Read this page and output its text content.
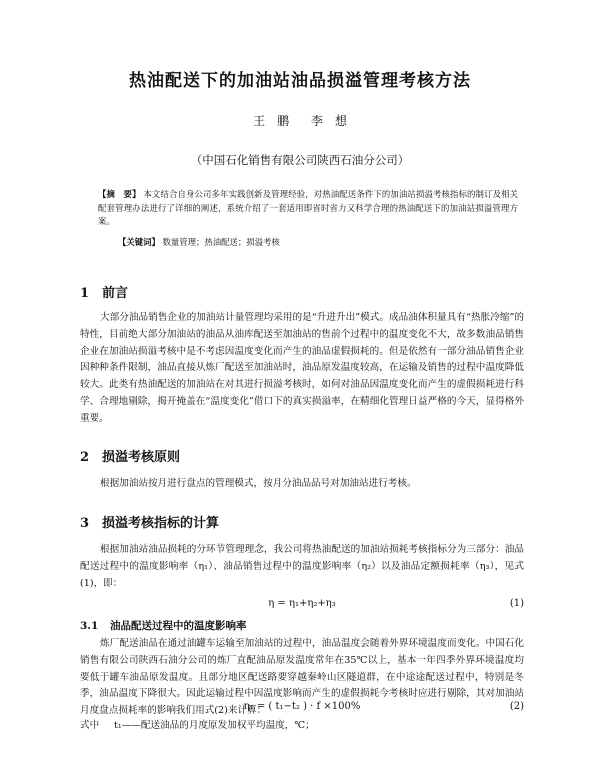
热油配送下的加油站油品损溢管理考核方法
王　鹏 李　想
（中国石化销售有限公司陕西石油分公司）
【摘　要】 本文结合自身公司多年实践创新及管理经验，对热油配送条件下的加油站损溢考核指标的制订及相关配套管理办法进行了详细的阐述，系统介绍了一套适用即省时省力又科学合理的热油配送下的加油站损溢管理方案。
【关键词】 数量管理；热油配送；损溢考核
1 前言
大部分油品销售企业的加油站计量管理均采用的是“升进升出”模式。成品油体积量具有“热胀冷缩”的特性，目前绝大部分加油站的油品从油库配送至加油站的售前个过程中的温度变化不大，故多数油品销售企业在加油站损溢考核中是不考虑因温度变化而产生的油品虚假损耗的。但是依然有一部分油品销售企业因种种条件限制，油品直接从炼厂配送至加油站时，油品原发温度较高，在运输及销售的过程中温度降低较大。此类有热油配送的加油站在对其进行损溢考核时，如何对油品因温度变化而产生的虚假损耗进行科学、合理地剔除，揭开掩盖在“温度变化”借口下的真实损溢率，在精细化管理日益严格的今天，显得格外重要。
2 损溢考核原则
根据加油站按月进行盘点的管理模式，按月分油品品号对加油站进行考核。
3 损溢考核指标的计算
根据加油站油品损耗的分环节管理理念，我公司将热油配送的加油站损耗考核指标分为三部分：油品配送过程中的温度影响率（η₁）、油品销售过程中的温度影响率（η₂）以及油品定额损耗率（η₃），见式(1)，即：
η = η₁+η₂+η₃	(1)
3.1 油品配送过程中的温度影响率
炼厂配送油品在通过油罐车运输至加油站的过程中，油品温度会随着外界环境温度而变化。中国石化销售有限公司陕西石油分公司的炼厂直配油品原发温度常年在35℃以上，基本一年四季外界环境温度均要低于罐车油品原发温度。且部分地区配送路要穿越秦岭山区隧道群，在中途途配送过程中，特别是冬季，油品温度下降很大。因此运输过程中因温度影响而产生的虚假损耗今考核时应进行剔除，其对加油站月度盘点损耗率的影响我们用式(2)来计算：
η₁ = ( t₁−t₂ ) · f ×100%	(2)
式中 t₁——配送油品的月度原发加权平均温度，℃；
